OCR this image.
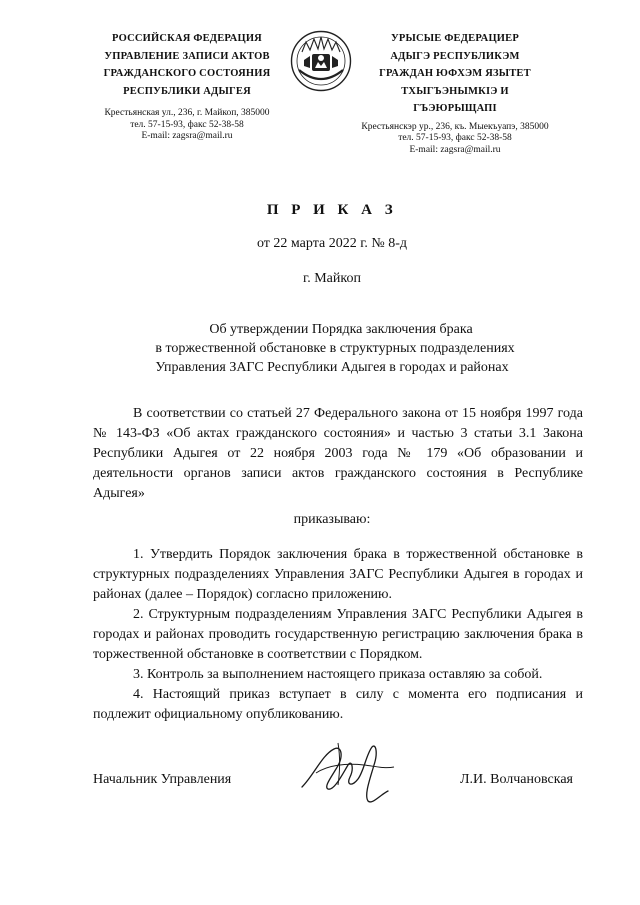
РОССИЙСКАЯ ФЕДЕРАЦИЯ
УПРАВЛЕНИЕ ЗАПИСИ АКТОВ
ГРАЖДАНСКОГО СОСТОЯНИЯ
РЕСПУБЛИКИ АДЫГЕЯ
Крестьянская ул., 236, г. Майкоп, 385000
тел. 57-15-93, факс 52-38-58
E-mail: zagsra@mail.ru
УРЫСЫЕ ФЕДЕРАЦИЕР
АДЫГЭ РЕСПУБЛИКЭМ
ГРАЖДАН ЮФХЭМ ЯЗЫТЕТ
ТХЫГЪЭНЫМКIЭ И
ГЪЭЮРЫЩАПI
Крестьянскэр ур., 236, къ. Мыекъуапэ, 385000
тел. 57-15-93, факс 52-38-58
E-mail: zagsra@mail.ru
П Р И К А З
от 22 марта 2022 г. № 8-д
г. Майкоп
Об утверждении Порядка заключения брака
в торжественной обстановке в структурных подразделениях
Управления ЗАГС Республики Адыгея в городах и районах
В соответствии со статьей 27 Федерального закона от 15 ноября 1997 года № 143-ФЗ «Об актах гражданского состояния» и частью 3 статьи 3.1 Закона Республики Адыгея от 22 ноября 2003 года № 179 «Об образовании и деятельности органов записи актов гражданского состояния в Республике Адыгея»
приказываю:

1. Утвердить Порядок заключения брака в торжественной обстановке в структурных подразделениях Управления ЗАГС Республики Адыгея в городах и районах (далее – Порядок) согласно приложению.

2. Структурным подразделениям Управления ЗАГС Республики Адыгея в городах и районах проводить государственную регистрацию заключения брака в торжественной обстановке в соответствии с Порядком.

3. Контроль за выполнением настоящего приказа оставляю за собой.

4. Настоящий приказ вступает в силу с момента его подписания и подлежит официальному опубликованию.

Начальник Управления	Л.И. Волчановская
